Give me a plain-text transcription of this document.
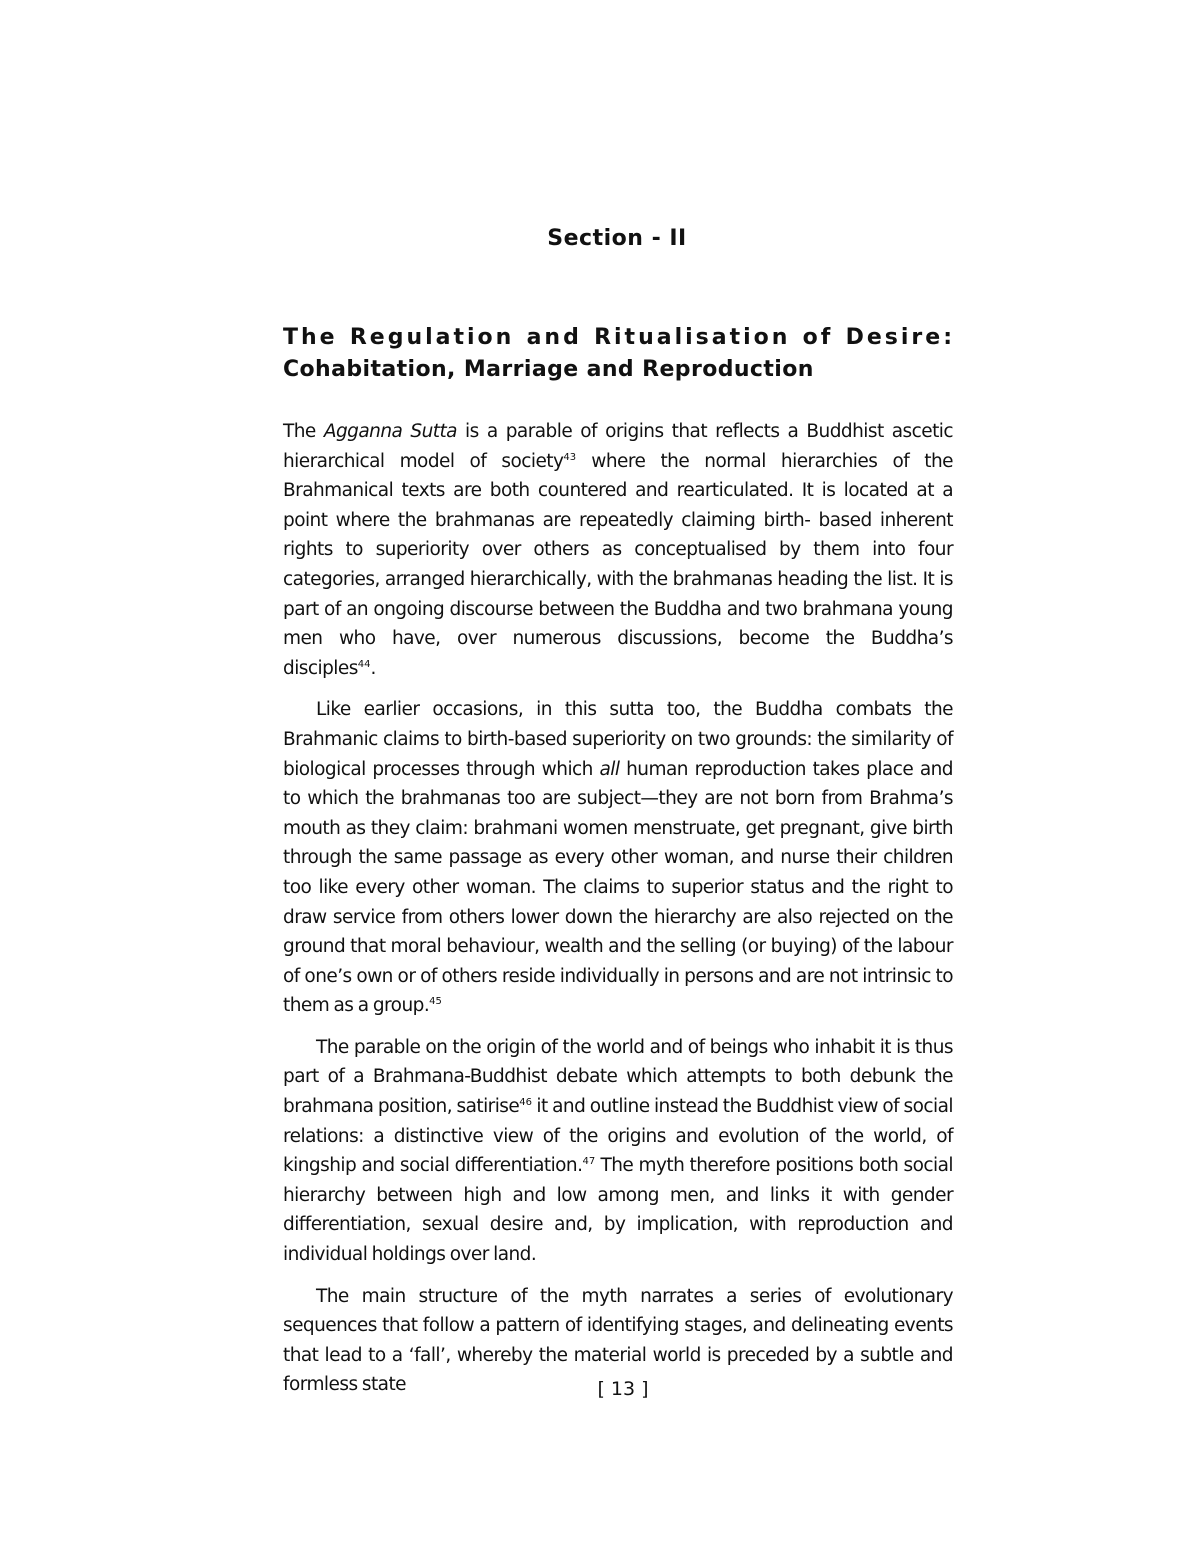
Section - II
The Regulation and Ritualisation of Desire:
Cohabitation, Marriage and Reproduction

The Agganna Sutta is a parable of origins that reflects a Buddhist ascetic hierarchical model of society$^{43}$ where the normal hierarchies of the Brahmanical texts are both countered and rearticulated. It is located at a point where the brahmanas are repeatedly claiming birth- based inherent rights to superiority over others as conceptualised by them into four categories, arranged hierarchically, with the brahmanas heading the list. It is part of an ongoing discourse between the Buddha and two brahmana young men who have, over numerous discussions, become the Buddha’s disciples$^{44}$.

Like earlier occasions, in this sutta too, the Buddha combats the Brahmanic claims to birth-based superiority on two grounds: the similarity of biological processes through which all human reproduction takes place and to which the brahmanas too are subject—they are not born from Brahma’s mouth as they claim: brahmani women menstruate, get pregnant, give birth through the same passage as every other woman, and nurse their children too like every other woman. The claims to superior status and the right to draw service from others lower down the hierarchy are also rejected on the ground that moral behaviour, wealth and the selling (or buying) of the labour of one’s own or of others reside individually in persons and are not intrinsic to them as a group.$^{45}$

The parable on the origin of the world and of beings who inhabit it is thus part of a Brahmana-Buddhist debate which attempts to both debunk the brahmana position, satirise$^{46}$ it and outline instead the Buddhist view of social relations: a distinctive view of the origins and evolution of the world, of kingship and social differentiation.$^{47}$ The myth therefore positions both social hierarchy between high and low among men, and links it with gender differentiation, sexual desire and, by implication, with reproduction and individual holdings over land.

The main structure of the myth narrates a series of evolutionary sequences that follow a pattern of identifying stages, and delineating events that lead to a ‘fall’, whereby the material world is preceded by a subtle and formless state	[ 13 ]
